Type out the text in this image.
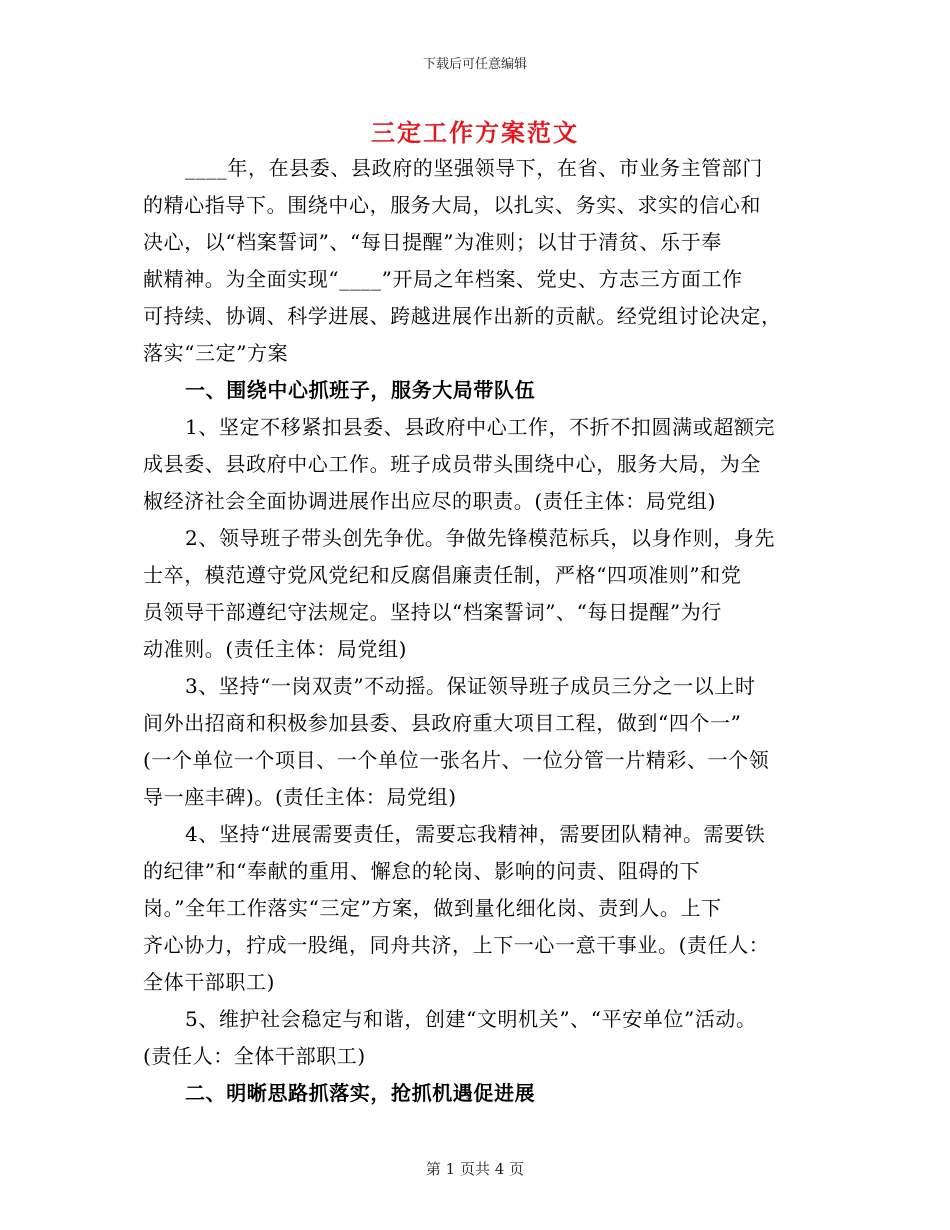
下载后可任意编辑
三定工作方案范文
____年，在县委、县政府的坚强领导下，在省、市业务主管部门
的精心指导下。围绕中心，服务大局，以扎实、务实、求实的信心和
决心，以“档案誓词”、“每日提醒”为准则；以甘于清贫、乐于奉
献精神。为全面实现“____”开局之年档案、党史、方志三方面工作
可持续、协调、科学进展、跨越进展作出新的贡献。经党组讨论决定，
落实“三定”方案
一、围绕中心抓班子，服务大局带队伍
1、坚定不移紧扣县委、县政府中心工作，不折不扣圆满或超额完
成县委、县政府中心工作。班子成员带头围绕中心，服务大局，为全
椒经济社会全面协调进展作出应尽的职责。(责任主体：局党组)
2、领导班子带头创先争优。争做先锋模范标兵，以身作则，身先
士卒，模范遵守党风党纪和反腐倡廉责任制，严格“四项准则”和党
员领导干部遵纪守法规定。坚持以“档案誓词”、“每日提醒”为行
动准则。(责任主体：局党组)
3、坚持“一岗双责”不动摇。保证领导班子成员三分之一以上时
间外出招商和积极参加县委、县政府重大项目工程，做到“四个一”
(一个单位一个项目、一个单位一张名片、一位分管一片精彩、一个领
导一座丰碑)。(责任主体：局党组)
4、坚持“进展需要责任，需要忘我精神，需要团队精神。需要铁
的纪律”和“奉献的重用、懈怠的轮岗、影响的问责、阻碍的下
岗。”全年工作落实“三定”方案，做到量化细化岗、责到人。上下
齐心协力，拧成一股绳，同舟共济，上下一心一意干事业。(责任人：
全体干部职工)
5、维护社会稳定与和谐，创建“文明机关”、“平安单位”活动。
(责任人：全体干部职工)
二、明晰思路抓落实，抢抓机遇促进展
第 1 页共 4 页
